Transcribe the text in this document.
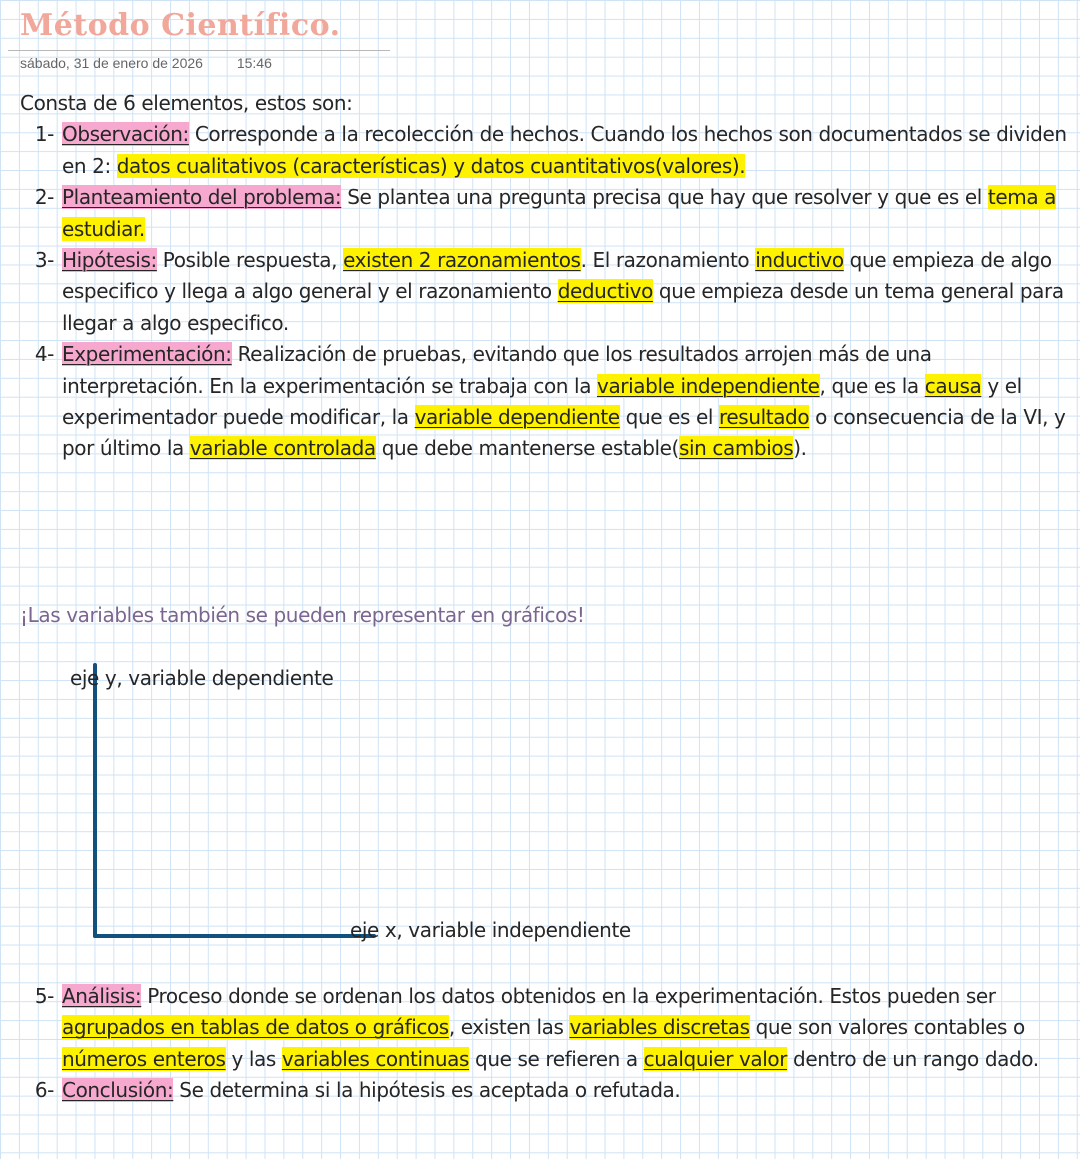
Método Científico.
sábado, 31 de enero de 2026 15:46

Consta de 6 elementos, estos son:

1- Observación: Corresponde a la recolección de hechos. Cuando los hechos son documentados se dividen en 2: datos cualitativos (características) y datos cuantitativos(valores).
2- Planteamiento del problema: Se plantea una pregunta precisa que hay que resolver y que es el tema a estudiar.
3- Hipótesis: Posible respuesta, existen 2 razonamientos. El razonamiento inductivo que empieza de algo especifico y llega a algo general y el razonamiento deductivo que empieza desde un tema general para llegar a algo especifico.
4- Experimentación: Realización de pruebas, evitando que los resultados arrojen más de una interpretación. En la experimentación se trabaja con la variable independiente, que es la causa y el experimentador puede modificar, la variable dependiente que es el resultado o consecuencia de la VI, y por último la variable controlada que debe mantenerse estable(sin cambios).
¡Las variables también se pueden representar en gráficos!
eje y, variable dependiente
eje x, variable independiente
5- Análisis: Proceso donde se ordenan los datos obtenidos en la experimentación. Estos pueden ser agrupados en tablas de datos o gráficos, existen las variables discretas que son valores contables o números enteros y las variables continuas que se refieren a cualquier valor dentro de un rango dado.
6- Conclusión: Se determina si la hipótesis es aceptada o refutada.
